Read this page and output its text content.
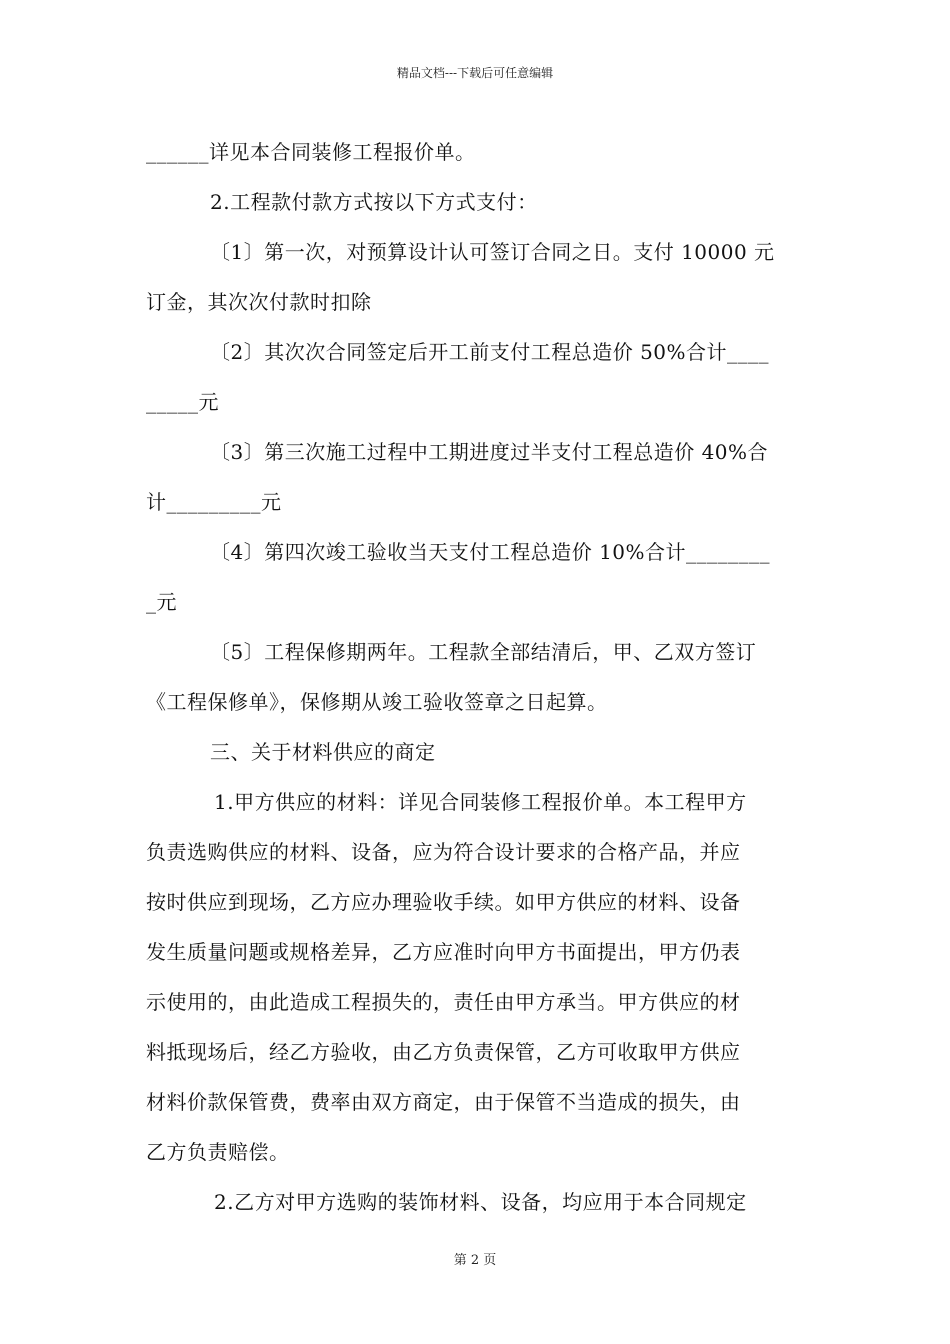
精品文档---下载后可任意编辑
______详见本合同装修工程报价单。
2.工程款付款方式按以下方式支付：
〔1〕第一次，对预算设计认可签订合同之日。支付 10000 元
订金，其次次付款时扣除
〔2〕其次次合同签定后开工前支付工程总造价 50%合计____
_____元
〔3〕第三次施工过程中工期进度过半支付工程总造价 40%合
计_________元
〔4〕第四次竣工验收当天支付工程总造价 10%合计________
_元
〔5〕工程保修期两年。工程款全部结清后，甲、乙双方签订
《工程保修单》，保修期从竣工验收签章之日起算。
三、关于材料供应的商定
1.甲方供应的材料：详见合同装修工程报价单。本工程甲方
负责选购供应的材料、设备，应为符合设计要求的合格产品，并应
按时供应到现场，乙方应办理验收手续。如甲方供应的材料、设备
发生质量问题或规格差异，乙方应准时向甲方书面提出，甲方仍表
示使用的，由此造成工程损失的，责任由甲方承当。甲方供应的材
料抵现场后，经乙方验收，由乙方负责保管，乙方可收取甲方供应
材料价款保管费，费率由双方商定，由于保管不当造成的损失，由
乙方负责赔偿。
2.乙方对甲方选购的装饰材料、设备，均应用于本合同规定
第 2 页
